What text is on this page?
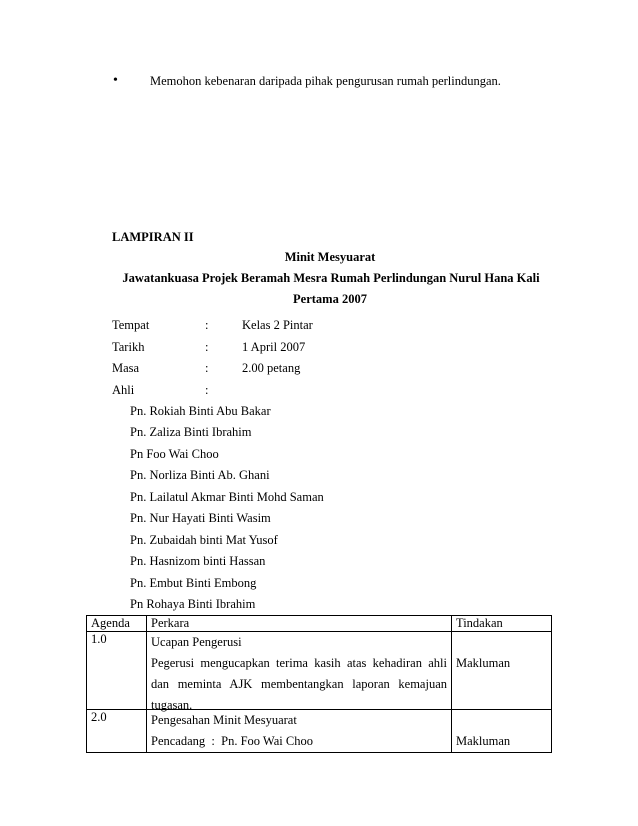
•	Memohon kebenaran daripada pihak pengurusan rumah perlindungan.
LAMPIRAN II
Minit Mesyuarat
Jawatankuasa Projek Beramah Mesra Rumah Perlindungan Nurul Hana Kali
Pertama 2007
Tempat	:	Kelas 2 Pintar
Tarikh	:	1 April 2007
Masa	:	2.00 petang
Ahli	:
Pn. Rokiah Binti Abu Bakar
Pn. Zaliza Binti Ibrahim
Pn Foo Wai Choo
Pn. Norliza Binti Ab. Ghani
Pn. Lailatul Akmar Binti Mohd Saman
Pn. Nur Hayati Binti Wasim
Pn. Zubaidah binti Mat Yusof
Pn. Hasnizom binti Hassan
Pn. Embut Binti Embong
Pn Rohaya Binti Ibrahim
Agenda	Perkara	Tindakan
1.0	Ucapan Pengerusi
Pegerusi mengucapkan terima kasih atas kehadiran ahli
dan meminta AJK membentangkan laporan kemajuan
tugasan.	Makluman

2.0	Pengesahan Minit Mesyuarat
Pencadang  :  Pn. Foo Wai Choo	Makluman
